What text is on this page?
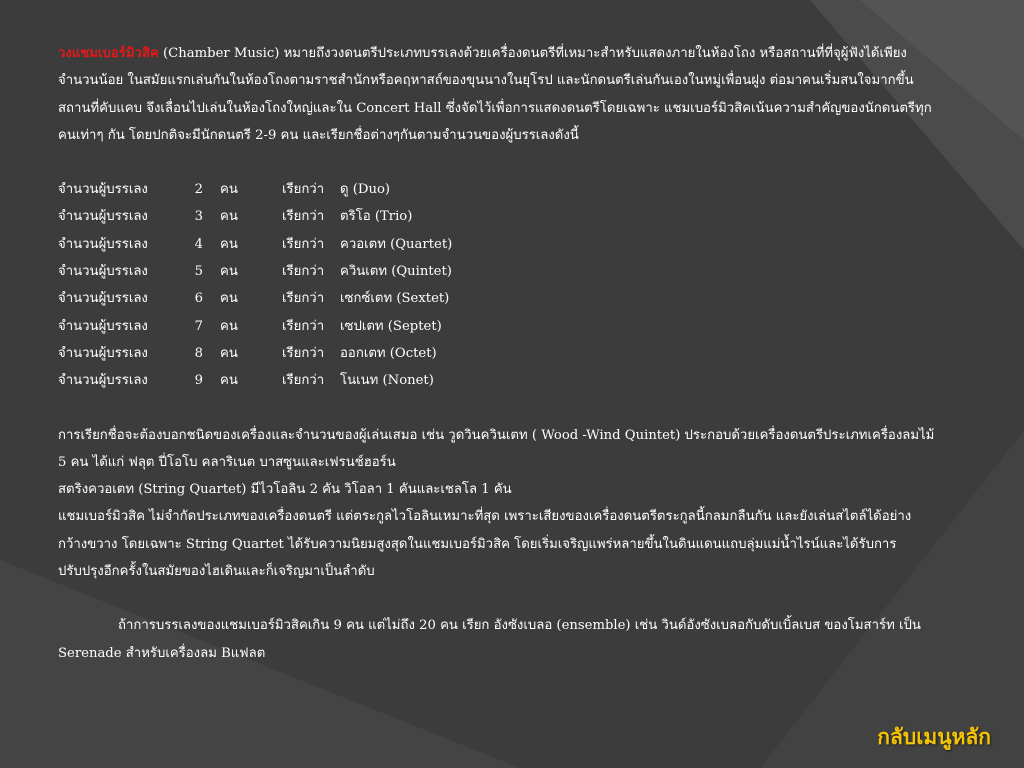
วงแชมเบอร์มิวสิค (Chamber Music) หมายถึงวงดนตรีประเภทบรรเลงด้วยเครื่องดนตรีที่เหมาะสำหรับแสดงภายในห้องโถง หรือสถานที่ที่จุผู้ฟังได้เพียงจำนวนน้อย ในสมัยแรกเล่นกันในห้องโถงตามราชสำนักหรือคฤหาสถ์ของขุนนางในยุโรป และนักดนตรีเล่นกันเองในหมู่เพื่อนฝูง ต่อมาคนเริ่มสนใจมากขึ้นสถานที่คับแคบ จึงเลื่อนไปเล่นในห้องโถงใหญ่และใน Concert Hall ซึ่งจัดไว้เพื่อการแสดงดนตรีโดยเฉพาะ แชมเบอร์มิวสิคเน้นความสำคัญของนักดนตรีทุกคนเท่าๆ กัน โดยปกติจะมีนักดนตรี 2-9 คน และเรียกชื่อต่างๆกันตามจำนวนของผู้บรรเลงดังนี้

จำนวนผู้บรรเลง	2	คน	เรียกว่า	ดู (Duo)
จำนวนผู้บรรเลง	3	คน	เรียกว่า	ตริโอ (Trio)
จำนวนผู้บรรเลง	4	คน	เรียกว่า	ควอเตท (Quartet)
จำนวนผู้บรรเลง	5	คน	เรียกว่า	ควินเตท (Quintet)
จำนวนผู้บรรเลง	6	คน	เรียกว่า	เซกซ์เตท (Sextet)
จำนวนผู้บรรเลง	7	คน	เรียกว่า	เซปเตท (Septet)
จำนวนผู้บรรเลง	8	คน	เรียกว่า	ออกเตท (Octet)
จำนวนผู้บรรเลง	9	คน	เรียกว่า	โนเนท (Nonet)

การเรียกชื่อจะต้องบอกชนิดของเครื่องและจำนวนของผู้เล่นเสมอ เช่น วูดวินควินเตท ( Wood -Wind Quintet) ประกอบด้วยเครื่องดนตรีประเภทเครื่องลมไม้ 5 คน ได้แก่ ฟลุต ปี่โอโบ คลาริเนต บาสซูนและเฟรนช์ฮอร์น

สตริงควอเตท (String Quartet) มีไวโอลิน 2 คัน วิโอลา 1 คันและเชลโล 1 คัน

แชมเบอร์มิวสิค ไม่จำกัดประเภทของเครื่องดนตรี แต่ตระกูลไวโอลินเหมาะที่สุด เพราะเสียงของเครื่องดนตรีตระกูลนี้กลมกลืนกัน และยังเล่นสไตล์ได้อย่างกว้างขวาง โดยเฉพาะ String Quartet ได้รับความนิยมสูงสุดในแชมเบอร์มิวสิค โดยเริ่มเจริญแพร่หลายขึ้นในดินแดนแถบลุ่มแม่น้ำไรน์และได้รับการปรับปรุงอีกครั้งในสมัยของไฮเดินและก็เจริญมาเป็นลำดับ

ถ้าการบรรเลงของแชมเบอร์มิวสิคเกิน 9 คน แต่ไม่ถึง 20 คน เรียก อังซังเบลอ (ensemble) เช่น วินด์อังซังเบลอกับดับเบิ้ลเบส ของโมสาร์ท เป็น Serenade สำหรับเครื่องลม Bแฟลต

กลับเมนูหลัก
